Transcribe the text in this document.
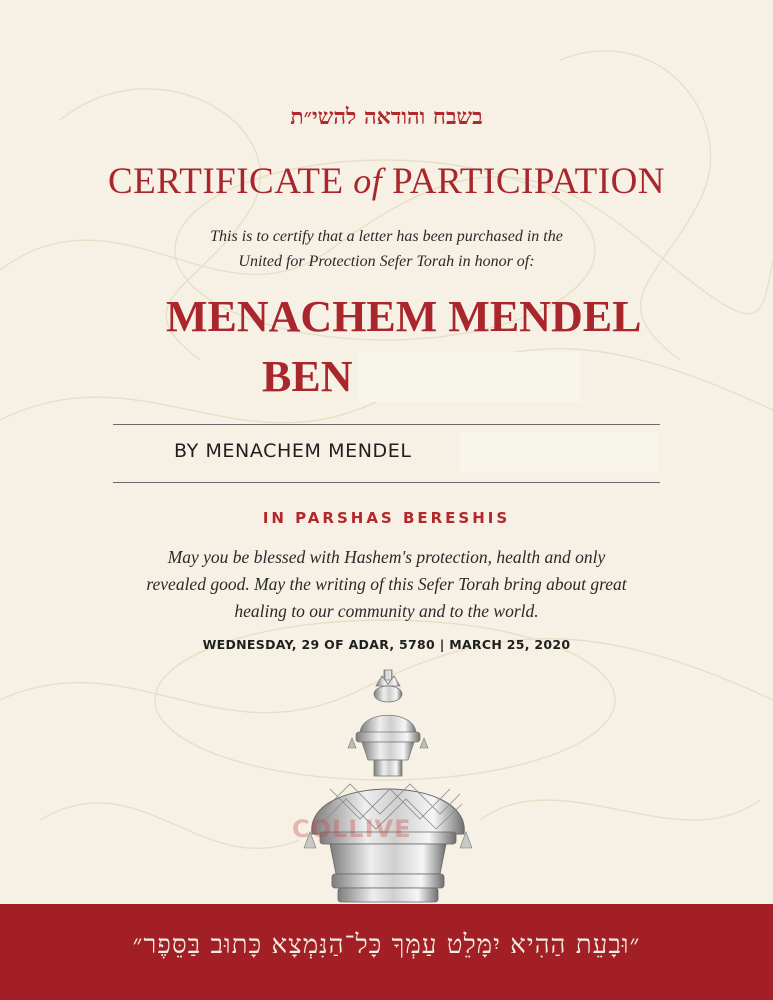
בשבח והודאה להשי״ת
CERTIFICATE of PARTICIPATION
This is to certify that a letter has been purchased in the
United for Protection Sefer Torah in honor of:
MENACHEM MENDEL
BEN
BY MENACHEM MENDEL
IN PARSHAS BERESHIS
May you be blessed with Hashem's protection, health and only
revealed good. May the writing of this Sefer Torah bring about great
healing to our community and to the world.
WEDNESDAY, 29 OF ADAR, 5780 | MARCH 25, 2020
COLLIVE
״וּבָעֵת הַהִיא יִמָּלֵט עַמְּךָ כָּל־הַנִּמְצָא כָּתוּב בַּסֵּפֶר״
